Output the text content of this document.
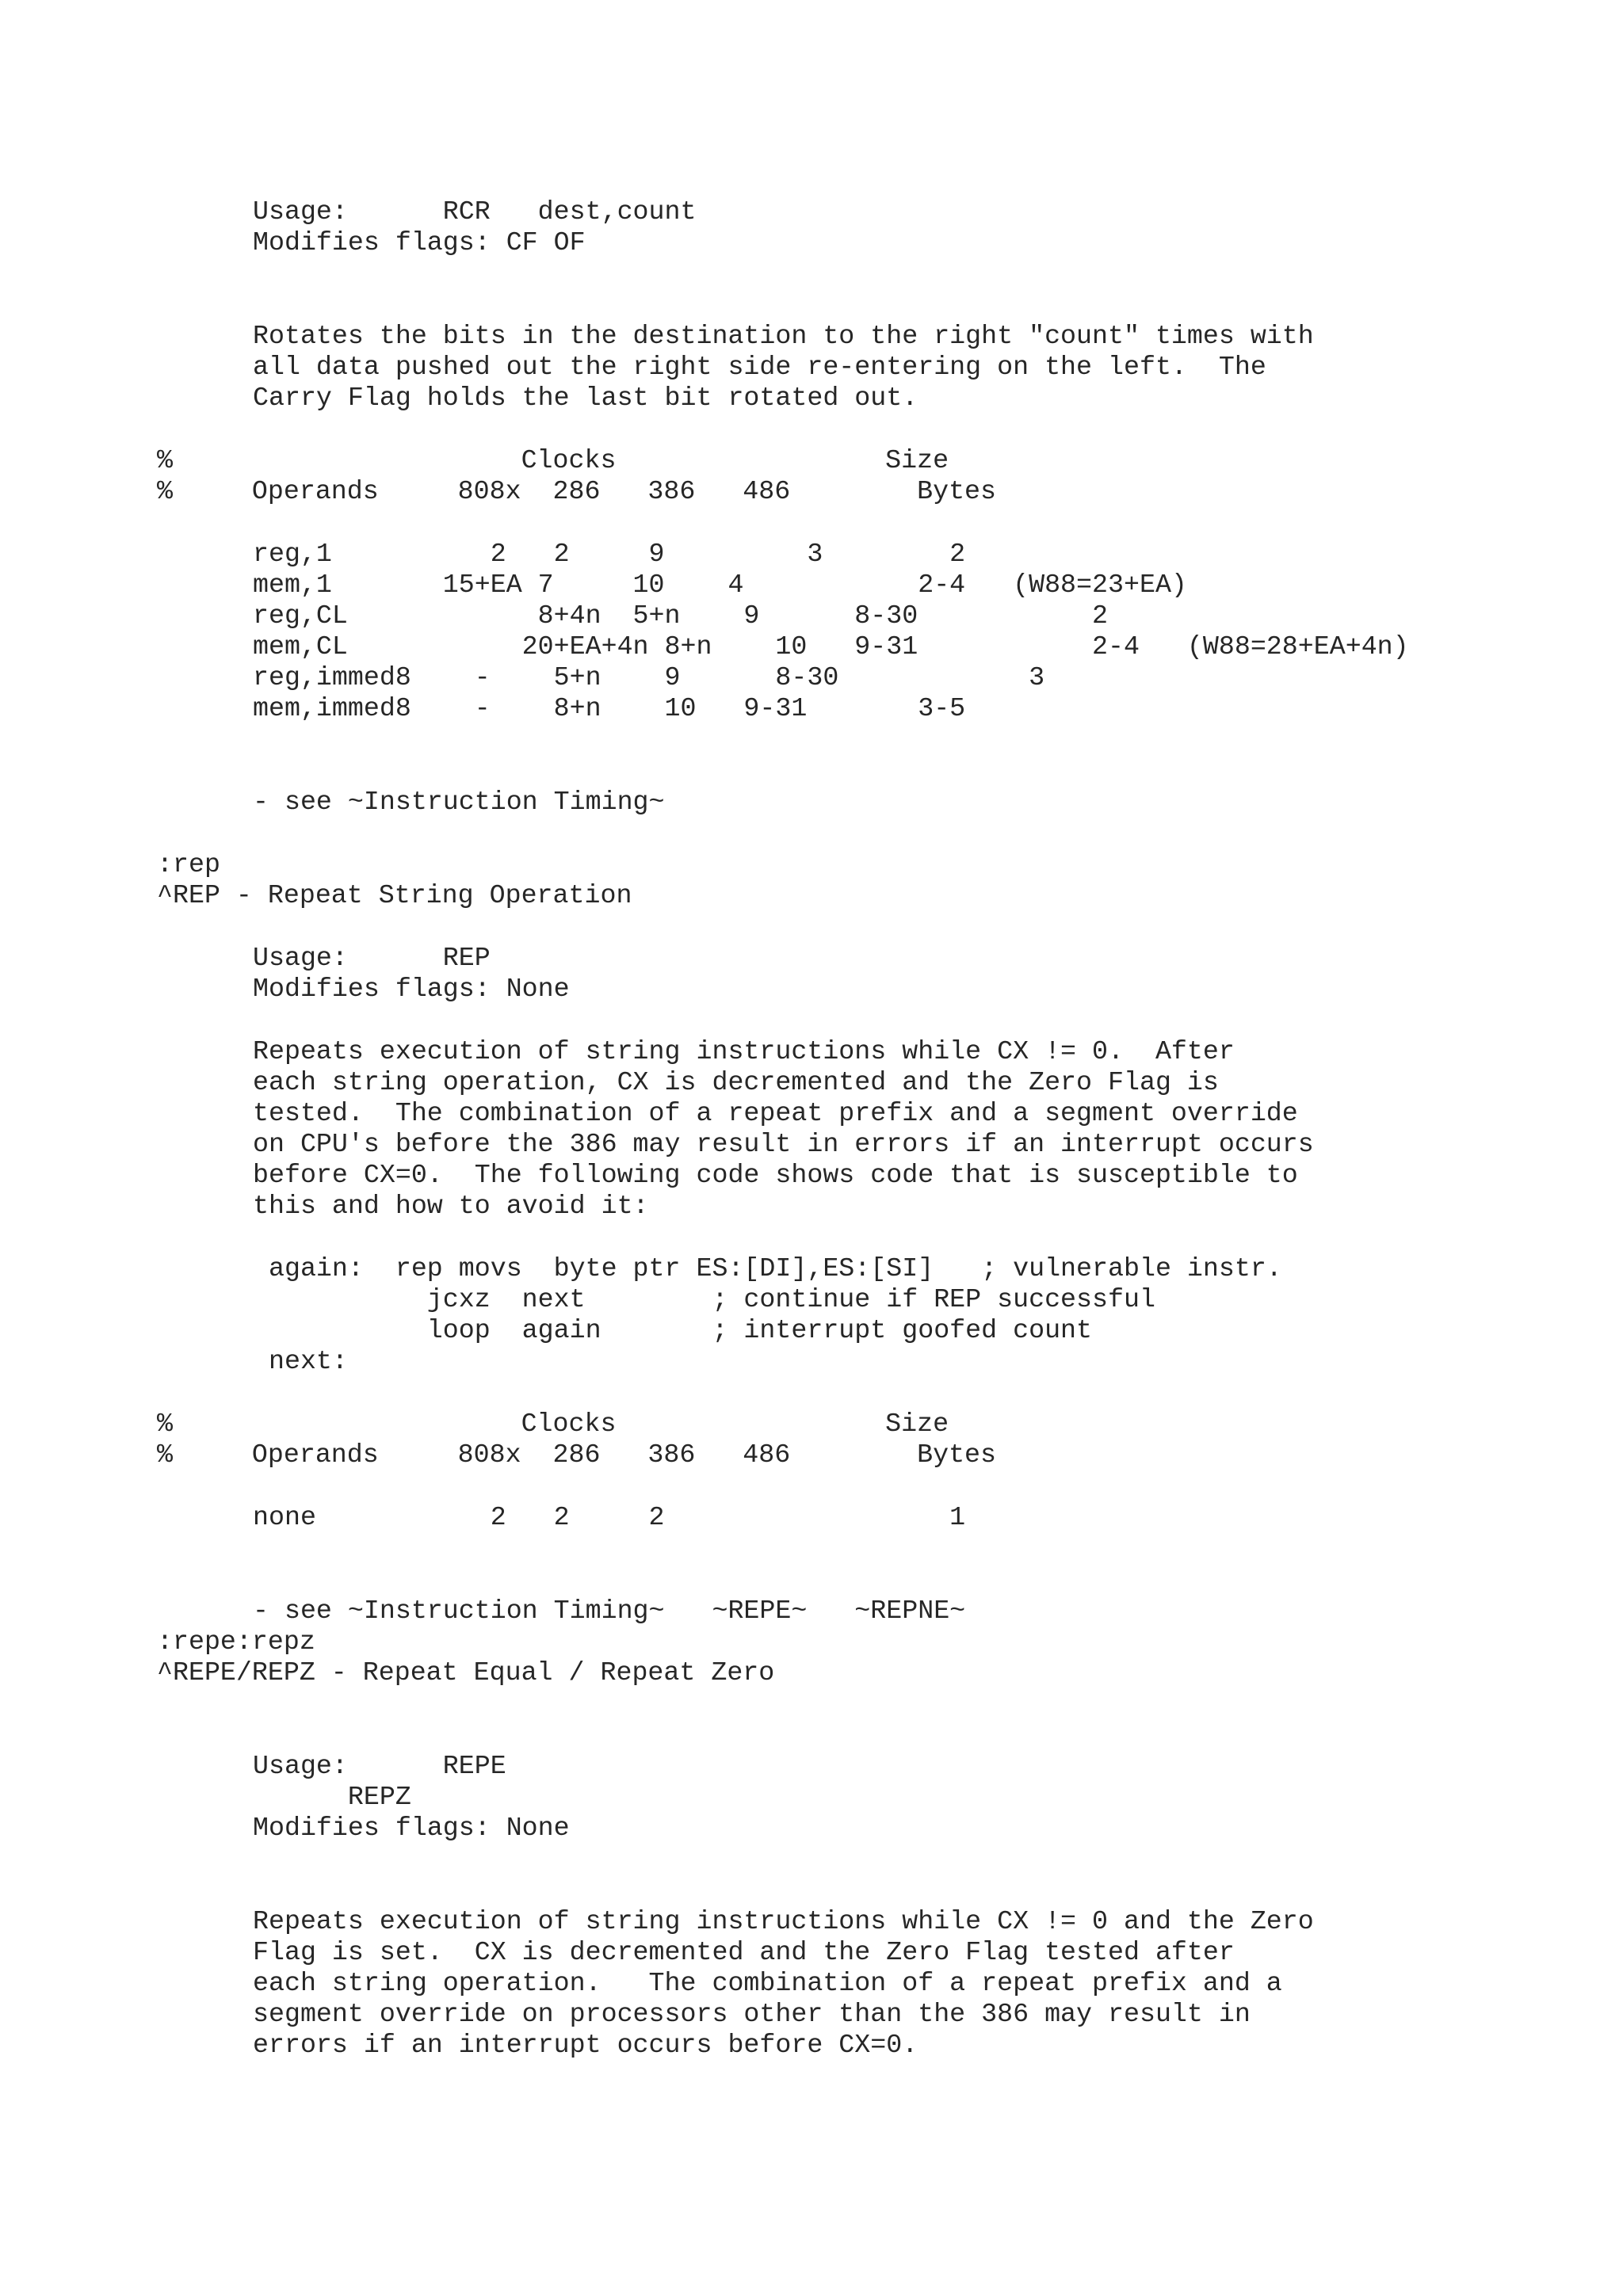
Usage:      RCR   dest,count
Modifies flags: CF OF
Rotates the bits in the destination to the right "count" times with
all data pushed out the right side re-entering on the left.  The
Carry Flag holds the last bit rotated out.
%                      Clocks                 Size
%     Operands     808x  286   386   486        Bytes
reg,1          2   2     9         3        2
mem,1       15+EA 7     10    4           2-4   (W88=23+EA)
reg,CL            8+4n  5+n    9      8-30           2
mem,CL           20+EA+4n 8+n    10   9-31           2-4   (W88=28+EA+4n)
reg,immed8    -    5+n    9      8-30            3
mem,immed8    -    8+n    10   9-31       3-5
- see ~Instruction Timing~
:rep
^REP - Repeat String Operation
Usage:      REP
Modifies flags: None
Repeats execution of string instructions while CX != 0.  After
each string operation, CX is decremented and the Zero Flag is
tested.  The combination of a repeat prefix and a segment override
on CPU's before the 386 may result in errors if an interrupt occurs
before CX=0.  The following code shows code that is susceptible to
this and how to avoid it:
again:  rep movs  byte ptr ES:[DI],ES:[SI]   ; vulnerable instr.
jcxz  next        ; continue if REP successful
loop  again       ; interrupt goofed count
next:
%                      Clocks                 Size
%     Operands     808x  286   386   486        Bytes
none           2   2     2                  1
- see ~Instruction Timing~   ~REPE~   ~REPNE~
:repe:repz
^REPE/REPZ - Repeat Equal / Repeat Zero
Usage:      REPE
REPZ
Modifies flags: None
Repeats execution of string instructions while CX != 0 and the Zero
Flag is set.  CX is decremented and the Zero Flag tested after
each string operation.   The combination of a repeat prefix and a
segment override on processors other than the 386 may result in
errors if an interrupt occurs before CX=0.
